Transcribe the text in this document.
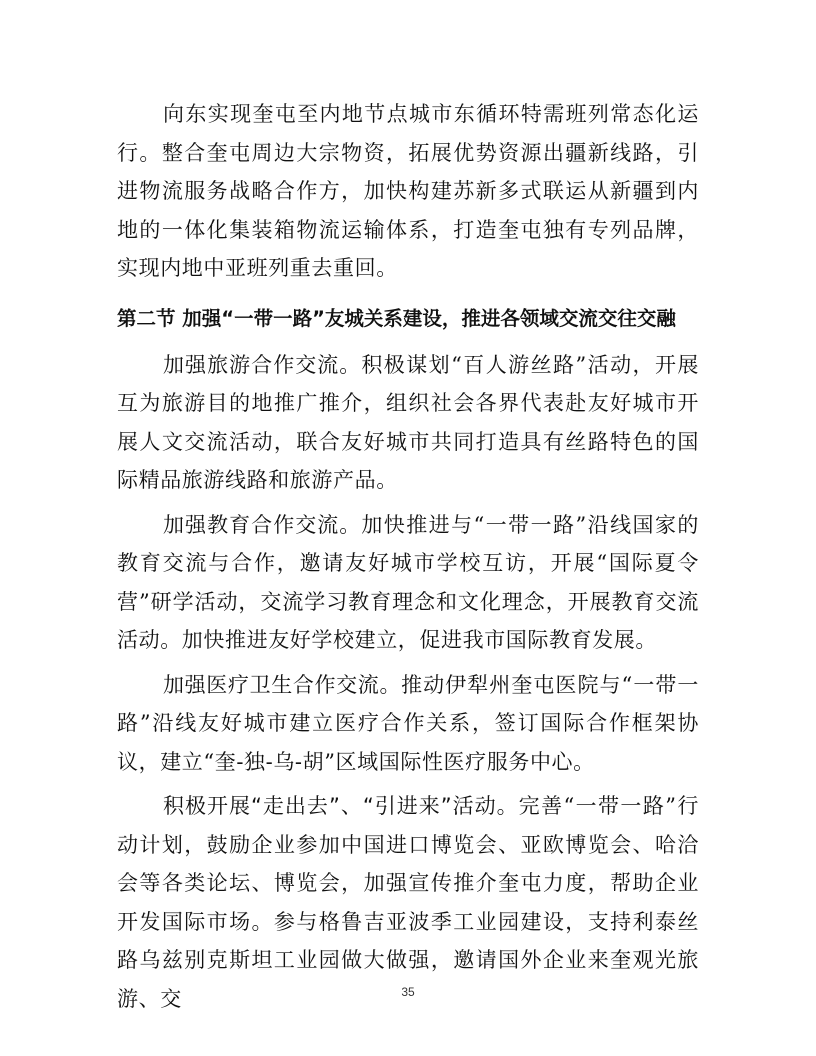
向东实现奎屯至内地节点城市东循环特需班列常态化运行。整合奎屯周边大宗物资，拓展优势资源出疆新线路，引进物流服务战略合作方，加快构建苏新多式联运从新疆到内地的一体化集装箱物流运输体系，打造奎屯独有专列品牌，实现内地中亚班列重去重回。

第二节 加强“一带一路”友城关系建设，推进各领域交流交往交融

加强旅游合作交流。积极谋划“百人游丝路”活动，开展互为旅游目的地推广推介，组织社会各界代表赴友好城市开展人文交流活动，联合友好城市共同打造具有丝路特色的国际精品旅游线路和旅游产品。

加强教育合作交流。加快推进与“一带一路”沿线国家的教育交流与合作，邀请友好城市学校互访，开展“国际夏令营”研学活动，交流学习教育理念和文化理念，开展教育交流活动。加快推进友好学校建立，促进我市国际教育发展。

加强医疗卫生合作交流。推动伊犁州奎屯医院与“一带一路”沿线友好城市建立医疗合作关系，签订国际合作框架协议，建立“奎-独-乌-胡”区域国际性医疗服务中心。

积极开展“走出去”、“引进来”活动。完善“一带一路”行动计划，鼓励企业参加中国进口博览会、亚欧博览会、哈洽会等各类论坛、博览会，加强宣传推介奎屯力度，帮助企业开发国际市场。参与格鲁吉亚波季工业园建设，支持利泰丝路乌兹别克斯坦工业园做大做强，邀请国外企业来奎观光旅游、交	35
